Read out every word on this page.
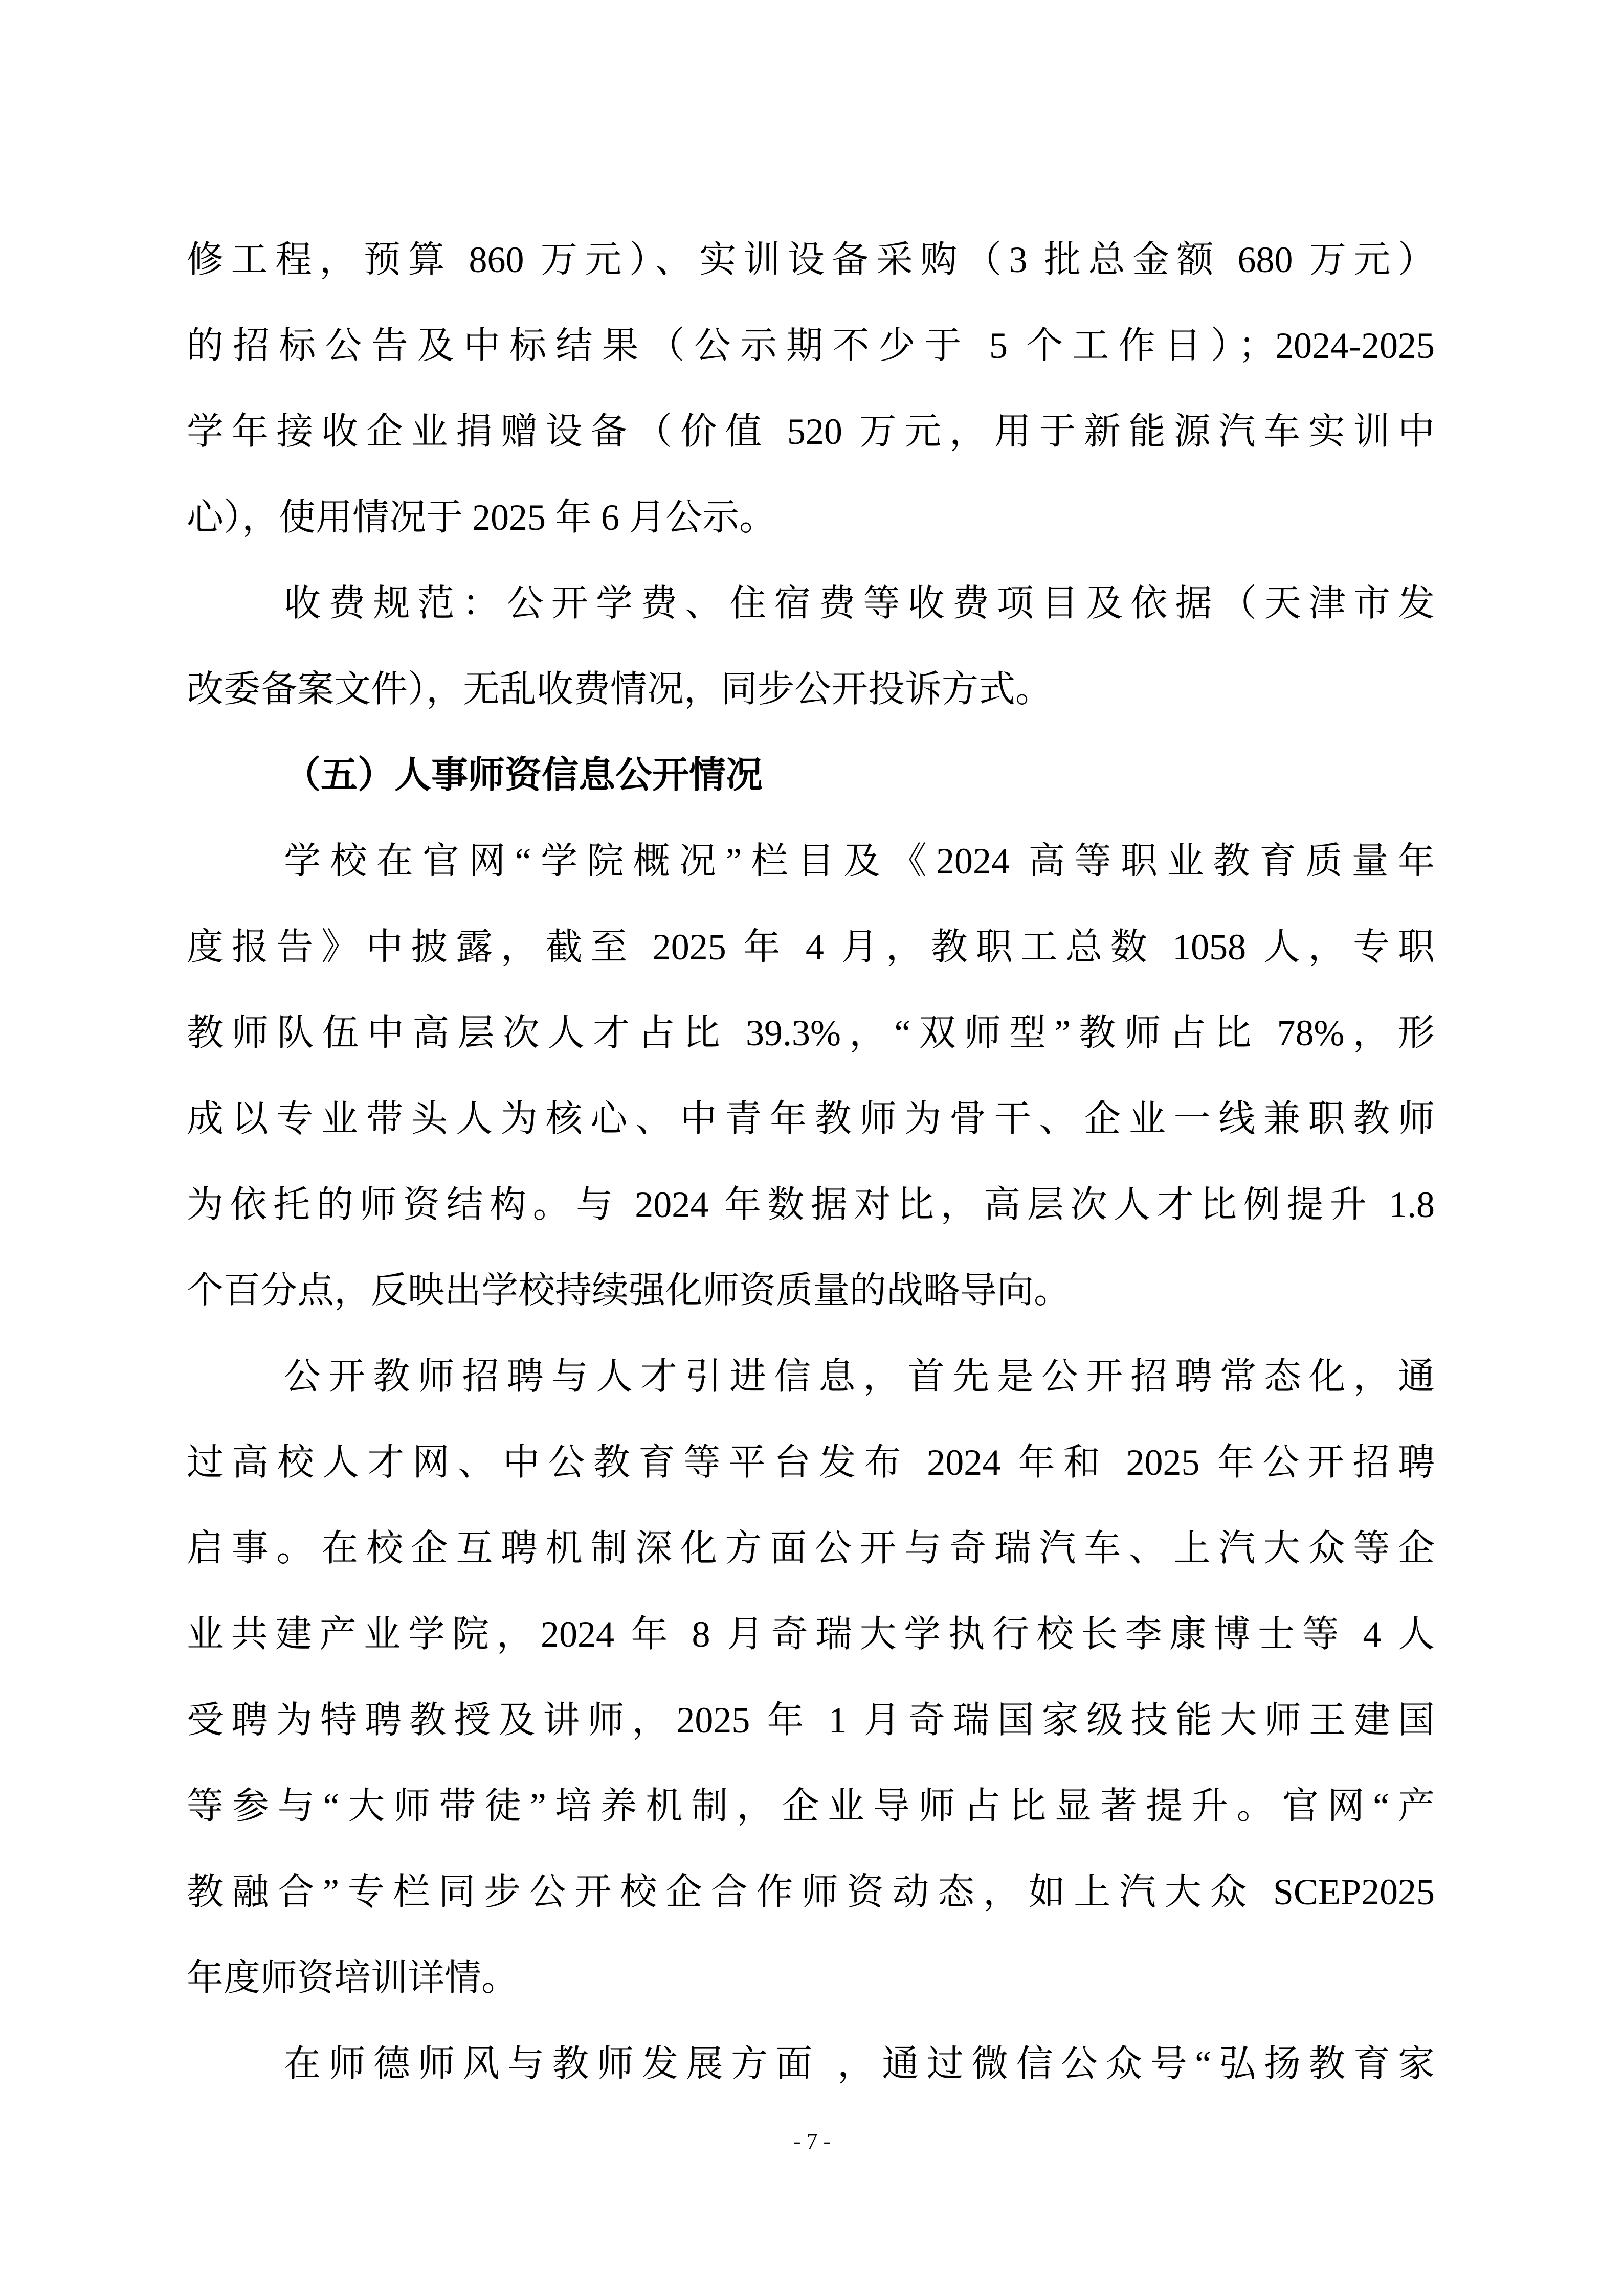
修工程，预算 860 万元）、实训设备采购（3 批总金额 680 万元）
的招标公告及中标结果（公示期不少于 5 个工作日）；2024-2025
学年接收企业捐赠设备（价值 520 万元，用于新能源汽车实训中
心），使用情况于 2025 年 6 月公示。
收费规范：公开学费、住宿费等收费项目及依据（天津市发
改委备案文件），无乱收费情况，同步公开投诉方式。
（五）人事师资信息公开情况
学校在官网“学院概况”栏目及《2024 高等职业教育质量年
度报告》中披露，截至 2025 年 4 月，教职工总数 1058 人，专职
教师队伍中高层次人才占比 39.3%，“双师型”教师占比 78%，形
成以专业带头人为核心、中青年教师为骨干、企业一线兼职教师
为依托的师资结构。与 2024 年数据对比，高层次人才比例提升 1.8
个百分点，反映出学校持续强化师资质量的战略导向。
公开教师招聘与人才引进信息，首先是公开招聘常态化，通
过高校人才网、中公教育等平台发布 2024 年和 2025 年公开招聘
启事。在校企互聘机制深化方面公开与奇瑞汽车、上汽大众等企
业共建产业学院，2024 年 8 月奇瑞大学执行校长李康博士等 4 人
受聘为特聘教授及讲师，2025 年 1 月奇瑞国家级技能大师王建国
等参与“大师带徒”培养机制，企业导师占比显著提升。官网“产
教融合”专栏同步公开校企合作师资动态，如上汽大众 SCEP2025
年度师资培训详情。
在师德师风与教师发展方面 ，通过微信公众号“弘扬教育家
- 7 -
